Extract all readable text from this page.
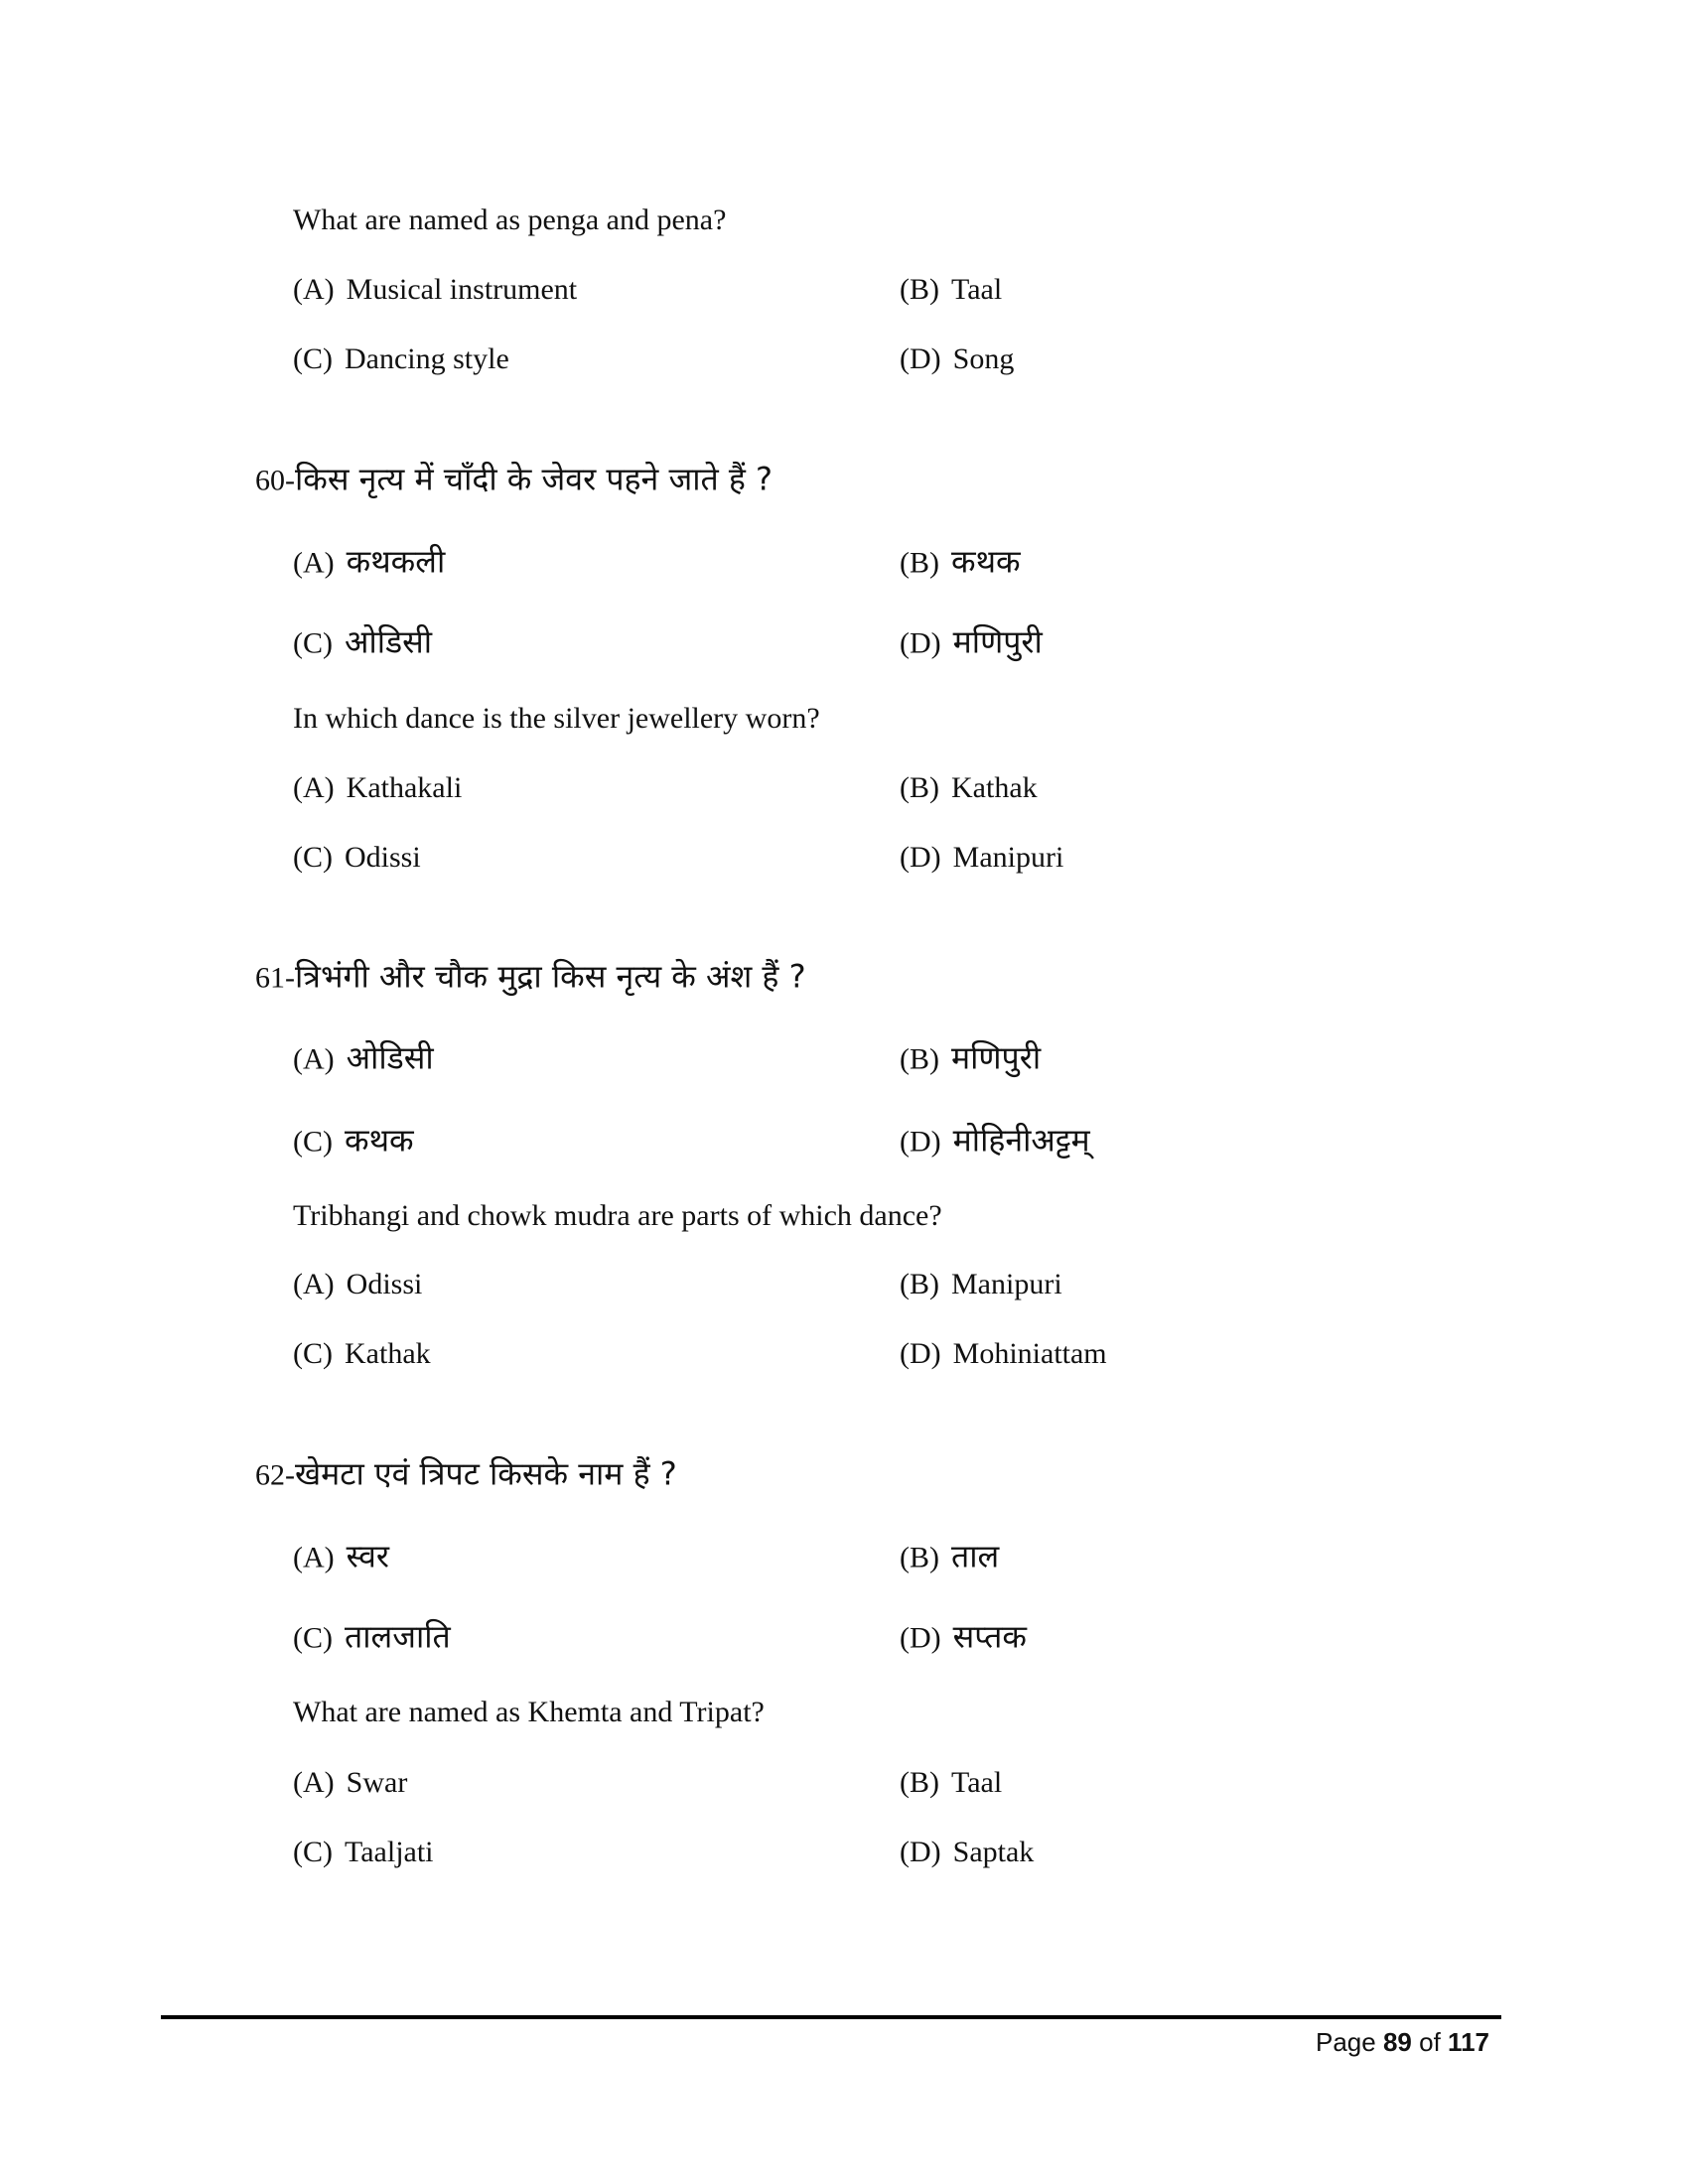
What are named as penga and pena?
(A) Musical instrument	(B) Taal
(C) Dancing style	(D) Song
60-किस नृत्य में चाँदी के जेवर पहने जाते हैं ?
(A) कथकली	(B) कथक
(C) ओडिसी	(D) मणिपुरी
In which dance is the silver jewellery worn?
(A) Kathakali	(B) Kathak
(C) Odissi	(D) Manipuri
61-त्रिभंगी और चौक मुद्रा किस नृत्य के अंश हैं ?
(A) ओडिसी	(B) मणिपुरी
(C) कथक	(D) मोहिनीअट्टम्
Tribhangi and chowk mudra are parts of which dance?
(A) Odissi	(B) Manipuri
(C) Kathak	(D) Mohiniattam
62-खेमटा एवं त्रिपट किसके नाम हैं ?
(A) स्वर	(B) ताल
(C) तालजाति	(D) सप्तक
What are named as Khemta and Tripat?
(A) Swar	(B) Taal
(C) Taaljati	(D) Saptak
Page 89 of 117
